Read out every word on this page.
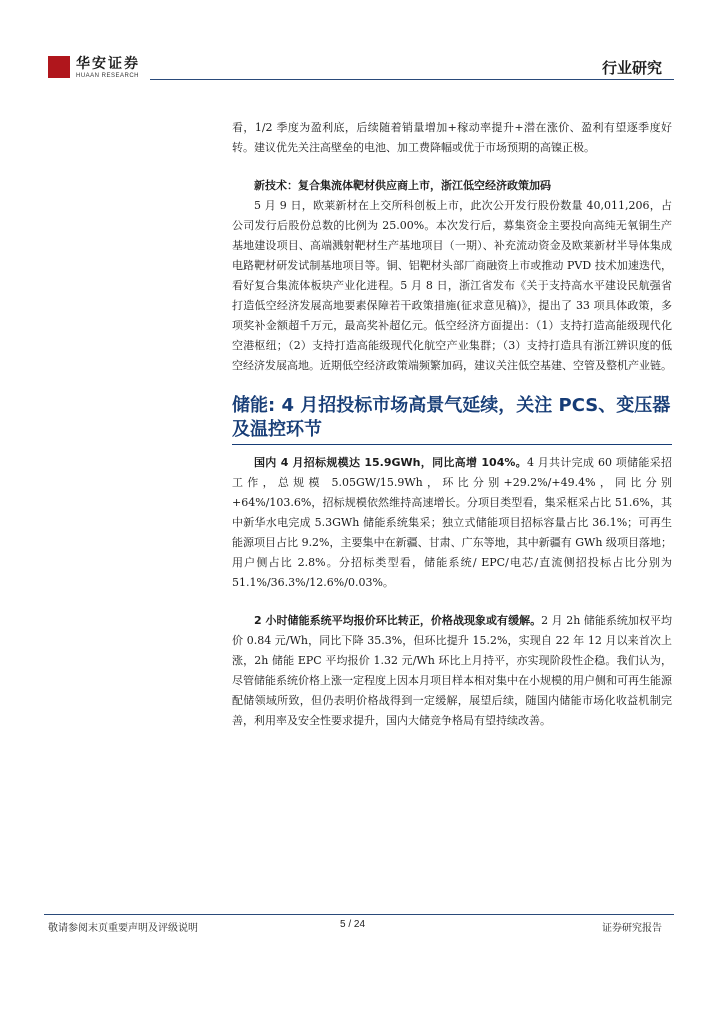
华安证券
HUAAN RESEARCH	行业研究

看，1/2 季度为盈利底，后续随着销量增加+稼动率提升+潜在涨价、盈利有望逐季度好转。建议优先关注高壁垒的电池、加工费降幅或优于市场预期的高镍正极。

新技术：复合集流体靶材供应商上市，浙江低空经济政策加码

5 月 9 日，欧莱新材在上交所科创板上市，此次公开发行股份数量 40,011,206，占公司发行后股份总数的比例为 25.00%。本次发行后，募集资金主要投向高纯无氧铜生产基地建设项目、高端溅射靶材生产基地项目（一期）、补充流动资金及欧莱新材半导体集成电路靶材研发试制基地项目等。铜、铝靶材头部厂商融资上市或推动 PVD 技术加速迭代，看好复合集流体板块产业化进程。5 月 8 日，浙江省发布《关于支持高水平建设民航强省 打造低空经济发展高地要素保障若干政策措施(征求意见稿)》，提出了 33 项具体政策，多项奖补金额超千万元，最高奖补超亿元。低空经济方面提出：（1）支持打造高能级现代化空港枢纽；（2）支持打造高能级现代化航空产业集群；（3）支持打造具有浙江辨识度的低空经济发展高地。近期低空经济政策端频繁加码，建议关注低空基建、空管及整机产业链。

储能: 4 月招投标市场高景气延续，关注 PCS、变压器及温控环节

国内 4 月招标规模达 15.9GWh，同比高增 104%。4 月共计完成 60 项储能采招工作，总规模 5.05GW/15.9Wh，环比分别+29.2%/+49.4%，同比分别+64%/103.6%，招标规模依然维持高速增长。分项目类型看，集采框采占比 51.6%，其中新华水电完成 5.3GWh 储能系统集采；独立式储能项目招标容量占比 36.1%；可再生能源项目占比 9.2%，主要集中在新疆、甘肃、广东等地，其中新疆有 GWh 级项目落地；用户侧占比 2.8%。分招标类型看，储能系统/ EPC/电芯/直流侧招投标占比分别为 51.1%/36.3%/12.6%/0.03%。

2 小时储能系统平均报价环比转正，价格战现象或有缓解。2 月 2h 储能系统加权平均价 0.84 元/Wh，同比下降 35.3%，但环比提升 15.2%，实现自 22 年 12 月以来首次上涨，2h 储能 EPC 平均报价 1.32 元/Wh 环比上月持平，亦实现阶段性企稳。我们认为，尽管储能系统价格上涨一定程度上因本月项目样本相对集中在小规模的用户侧和可再生能源配储领域所致，但仍表明价格战得到一定缓解，展望后续，随国内储能市场化收益机制完善，利用率及安全性要求提升，国内大储竞争格局有望持续改善。

敬请参阅末页重要声明及评级说明	5 / 24	证券研究报告
